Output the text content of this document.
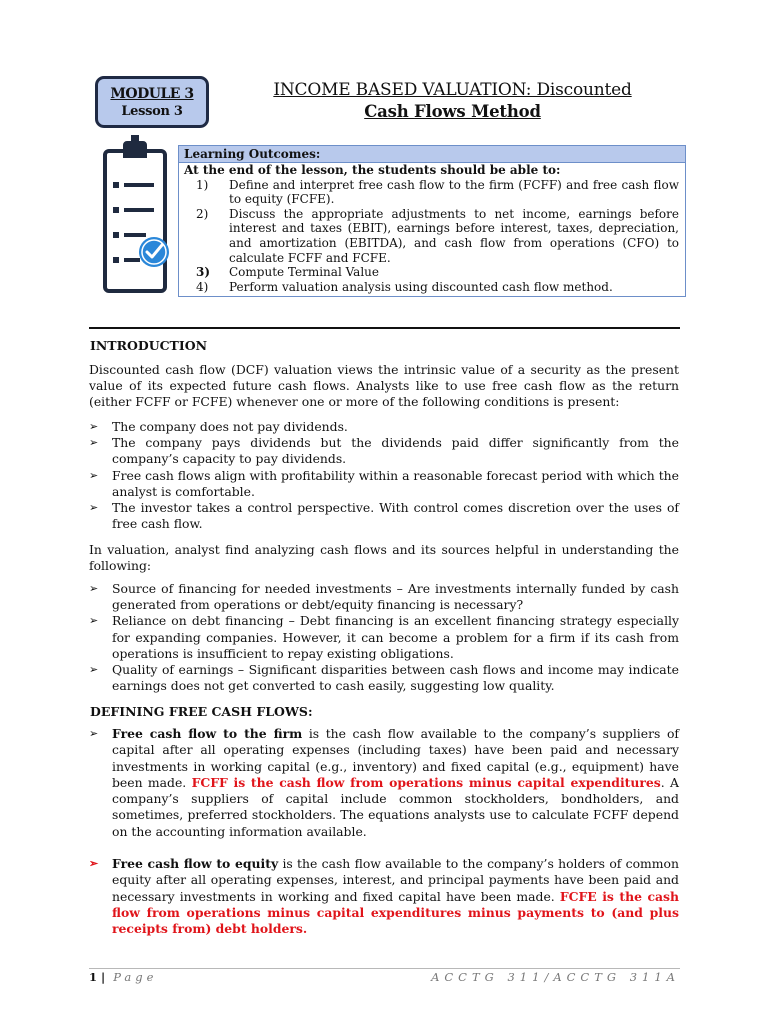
MODULE 3
Lesson 3
INCOME BASED VALUATION: Discounted
Cash Flows Method
Learning Outcomes:
At the end of the lesson, the students should be able to:
1) Define and interpret free cash flow to the firm (FCFF) and free cash flow to equity (FCFE).
2) Discuss the appropriate adjustments to net income, earnings before interest and taxes (EBIT), earnings before interest, taxes, depreciation, and amortization (EBITDA), and cash flow from operations (CFO) to calculate FCFF and FCFE.
3) Compute Terminal Value
4) Perform valuation analysis using discounted cash flow method.
INTRODUCTION
Discounted cash flow (DCF) valuation views the intrinsic value of a security as the present value of its expected future cash flows. Analysts like to use free cash flow as the return (either FCFF or FCFE) whenever one or more of the following conditions is present:
➢ The company does not pay dividends.
➢ The company pays dividends but the dividends paid differ significantly from the company’s capacity to pay dividends.
➢ Free cash flows align with profitability within a reasonable forecast period with which the analyst is comfortable.
➢ The investor takes a control perspective. With control comes discretion over the uses of free cash flow.
In valuation, analyst find analyzing cash flows and its sources helpful in understanding the following:
➢ Source of financing for needed investments – Are investments internally funded by cash generated from operations or debt/equity financing is necessary?
➢ Reliance on debt financing – Debt financing is an excellent financing strategy especially for expanding companies. However, it can become a problem for a firm if its cash from operations is insufficient to repay existing obligations.
➢ Quality of earnings – Significant disparities between cash flows and income may indicate earnings does not get converted to cash easily, suggesting low quality.
DEFINING FREE CASH FLOWS:
➢ Free cash flow to the firm is the cash flow available to the company’s suppliers of capital after all operating expenses (including taxes) have been paid and necessary investments in working capital (e.g., inventory) and fixed capital (e.g., equipment) have been made. FCFF is the cash flow from operations minus capital expenditures. A company’s suppliers of capital include common stockholders, bondholders, and sometimes, preferred stockholders. The equations analysts use to calculate FCFF depend on the accounting information available.
➢ Free cash flow to equity is the cash flow available to the company’s holders of common equity after all operating expenses, interest, and principal payments have been paid and necessary investments in working and fixed capital have been made. FCFE is the cash flow from operations minus capital expenditures minus payments to (and plus receipts from) debt holders.
1 | Page	ACCTG 311/ACCTG 311A
